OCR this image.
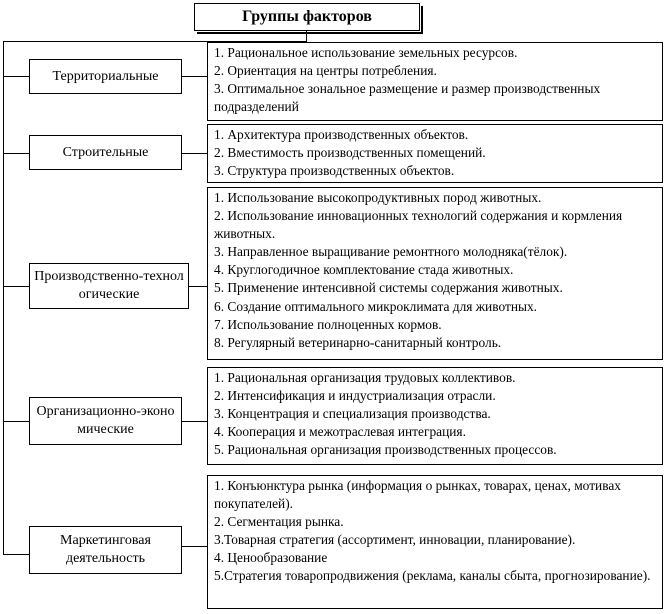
Группы факторов
Территориальные

1. Рациональное использование земельных ресурсов.

2. Ориентация на центры потребления.

3. Оптимальное зональное размещение и размер производственных подразделений

Строительные

1. Архитектура производственных объектов.

2. Вместимость производственных помещений.

3. Структура производственных объектов.

Производственно-технологические

1. Использование высокопродуктивных пород животных.

2. Использование инновационных технологий содержания и кормления животных.

3. Направленное выращивание ремонтного молодняка(тёлок).

4. Круглогодичное комплектование стада животных.

5. Применение интенсивной системы содержания животных.

6. Создание оптимального микроклимата для животных.

7. Использование полноценных кормов.

8. Регулярный ветеринарно-санитарный контроль.

Организационно-экономические

1. Рациональная организация трудовых коллективов.

2. Интенсификация и индустриализация отрасли.

3. Концентрация и специализация производства.

4. Кооперация и межотраслевая интеграция.

5. Рациональная организация производственных процессов.

Маркетинговая деятельность

1. Конъюнктура рынка (информация о рынках, товарах, ценах, мотивах покупателей).

2. Сегментация рынка.

3.Товарная стратегия (ассортимент, инновации, планирование).

4. Ценообразование

5.Стратегия товаропродвижения (реклама, каналы сбыта, прогнозирование).
